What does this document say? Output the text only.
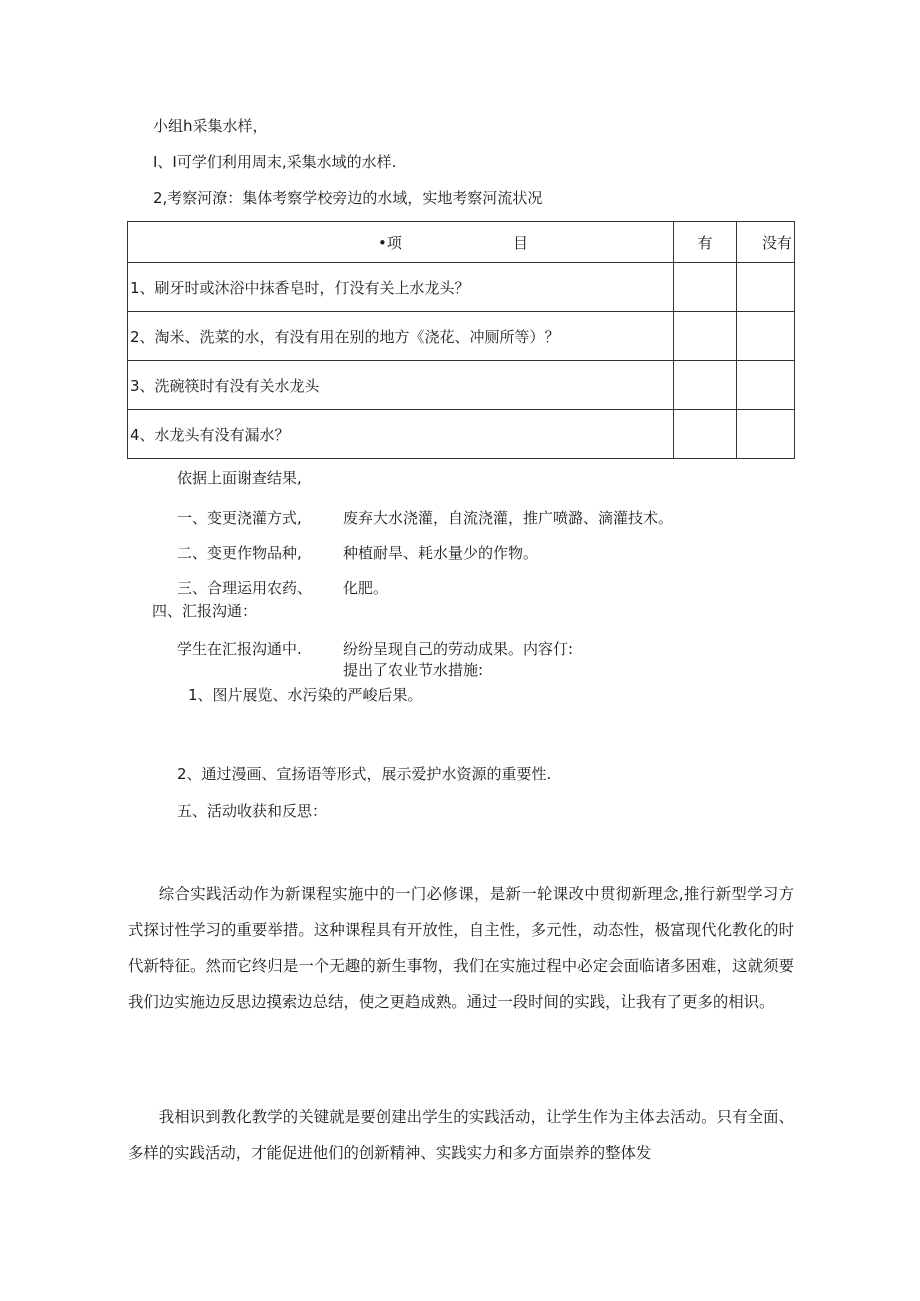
小组h采集水样，
I、I可学们利用周末,采集水域的水样.
2,考察河潦：集体考察学校旁边的水域，实地考察河流状况
•项 目	有	没有
1、刷牙时或沐浴中抹香皂时，仃没有关上水龙头？		
2、淘米、洗菜的水，有没有用在别的地方《浇花、冲厕所等）？		
3、洗碗筷时有没有关水龙头		
4、水龙头有没有漏水？		
依据上面谢查结果,
一、变更浇灌方式,	废弃大水浇灌，自流浇灌，推广喷潞、滴灌技术。
二、变更作物品种,	种植耐旱、耗水量少的作物。
三、合理运用农药、 化肥。
四、汇报沟通：
学生在汇报沟通中.	纷纷呈现自己的劳动成果。内容仃:
提出了农业节水措施:
1、图片展览、水污染的严峻后果。
2、通过漫画、宣扬语等形式，展示爱护水资源的重要性.
五、活动收获和反思：
综合实践活动作为新课程实施中的一门必修课，是新一轮课改中贯彻新理念,推行新型学习方式探讨性学习的重要举措。这种课程具有开放性，自主性，多元性，动态性，极富现代化教化的时代新特征。然而它终归是一个无趣的新生事物，我们在实施过程中必定会面临诸多困难，这就须要我们边实施边反思边摸索边总结，使之更趋成熟。通过一段时间的实践，让我有了更多的相识。
我相识到教化教学的关键就是要创建出学生的实践活动，让学生作为主体去活动。只有全面、多样的实践活动，才能促进他们的创新精神、实践实力和多方面崇养的整体发
